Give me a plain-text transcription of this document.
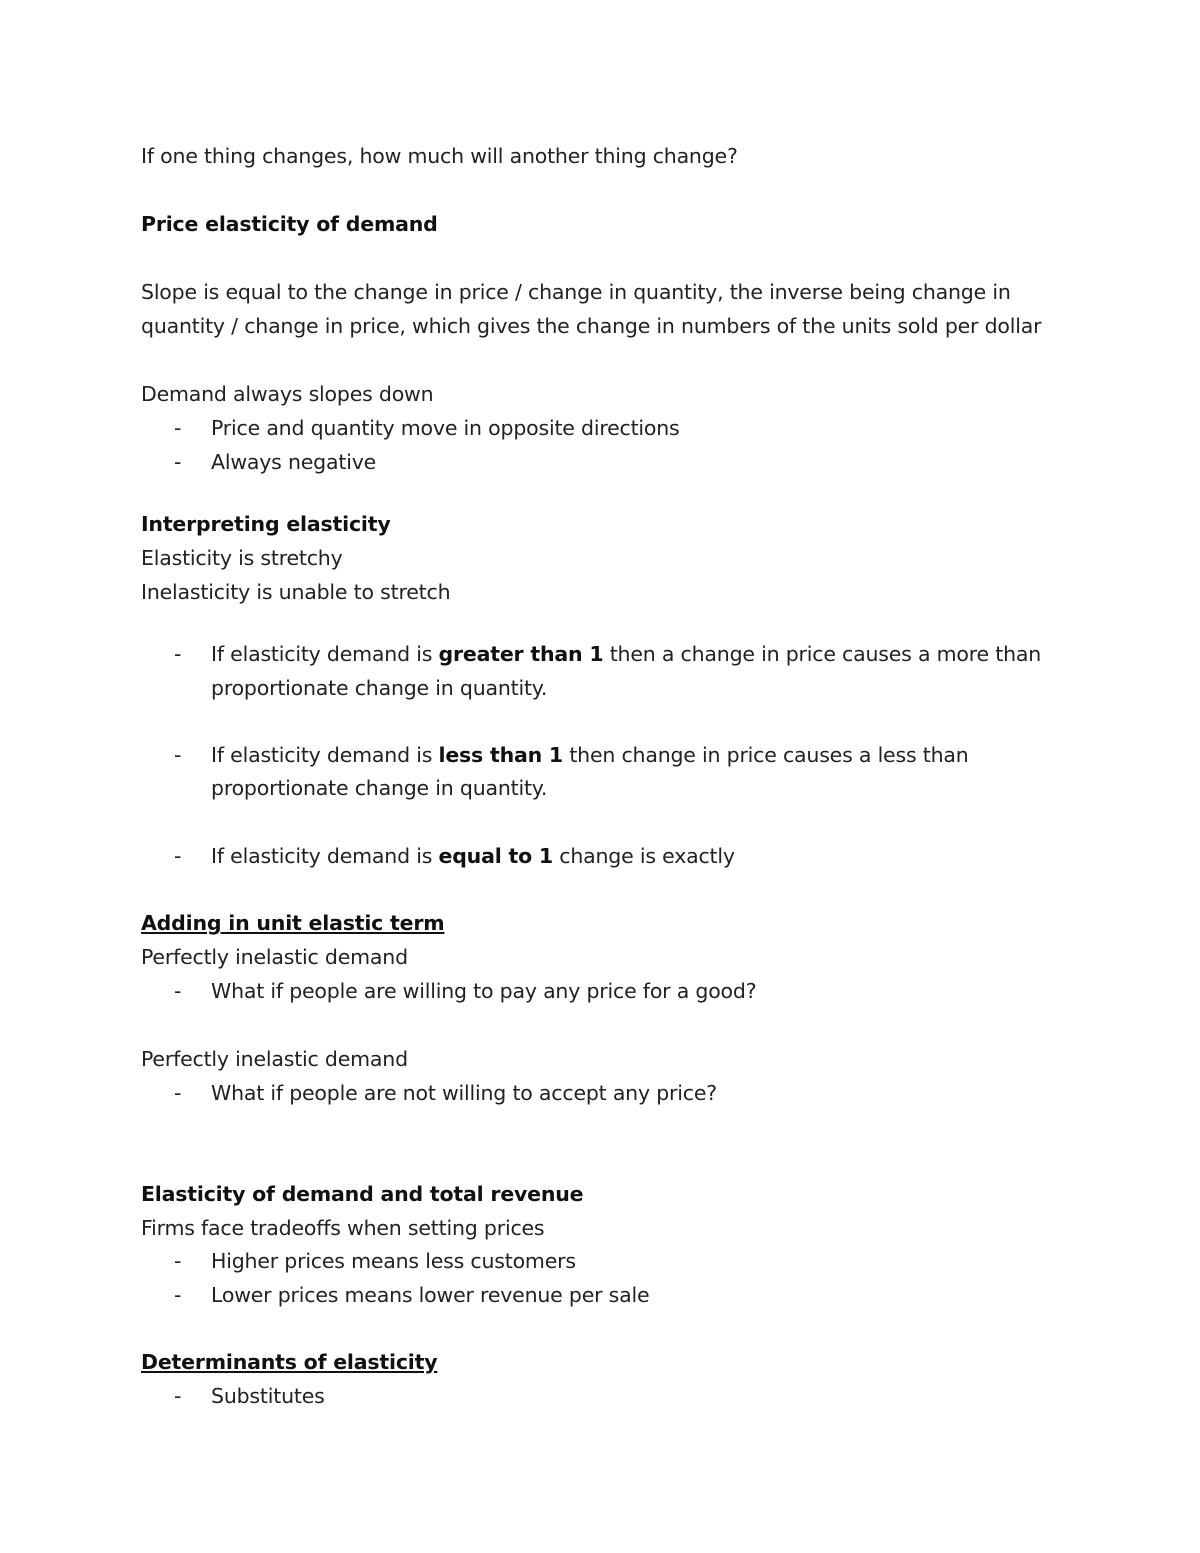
If one thing changes, how much will another thing change?
Price elasticity of demand
Slope is equal to the change in price / change in quantity, the inverse being change in
quantity / change in price, which gives the change in numbers of the units sold per dollar
Demand always slopes down
- Price and quantity move in opposite directions
- Always negative
Interpreting elasticity
Elasticity is stretchy
Inelasticity is unable to stretch
- If elasticity demand is greater than 1 then a change in price causes a more than
proportionate change in quantity.
- If elasticity demand is less than 1 then change in price causes a less than
proportionate change in quantity.
- If elasticity demand is equal to 1 change is exactly
Adding in unit elastic term
Perfectly inelastic demand
- What if people are willing to pay any price for a good?
Perfectly inelastic demand
- What if people are not willing to accept any price?
Elasticity of demand and total revenue
Firms face tradeoffs when setting prices
- Higher prices means less customers
- Lower prices means lower revenue per sale
Determinants of elasticity
- Substitutes
